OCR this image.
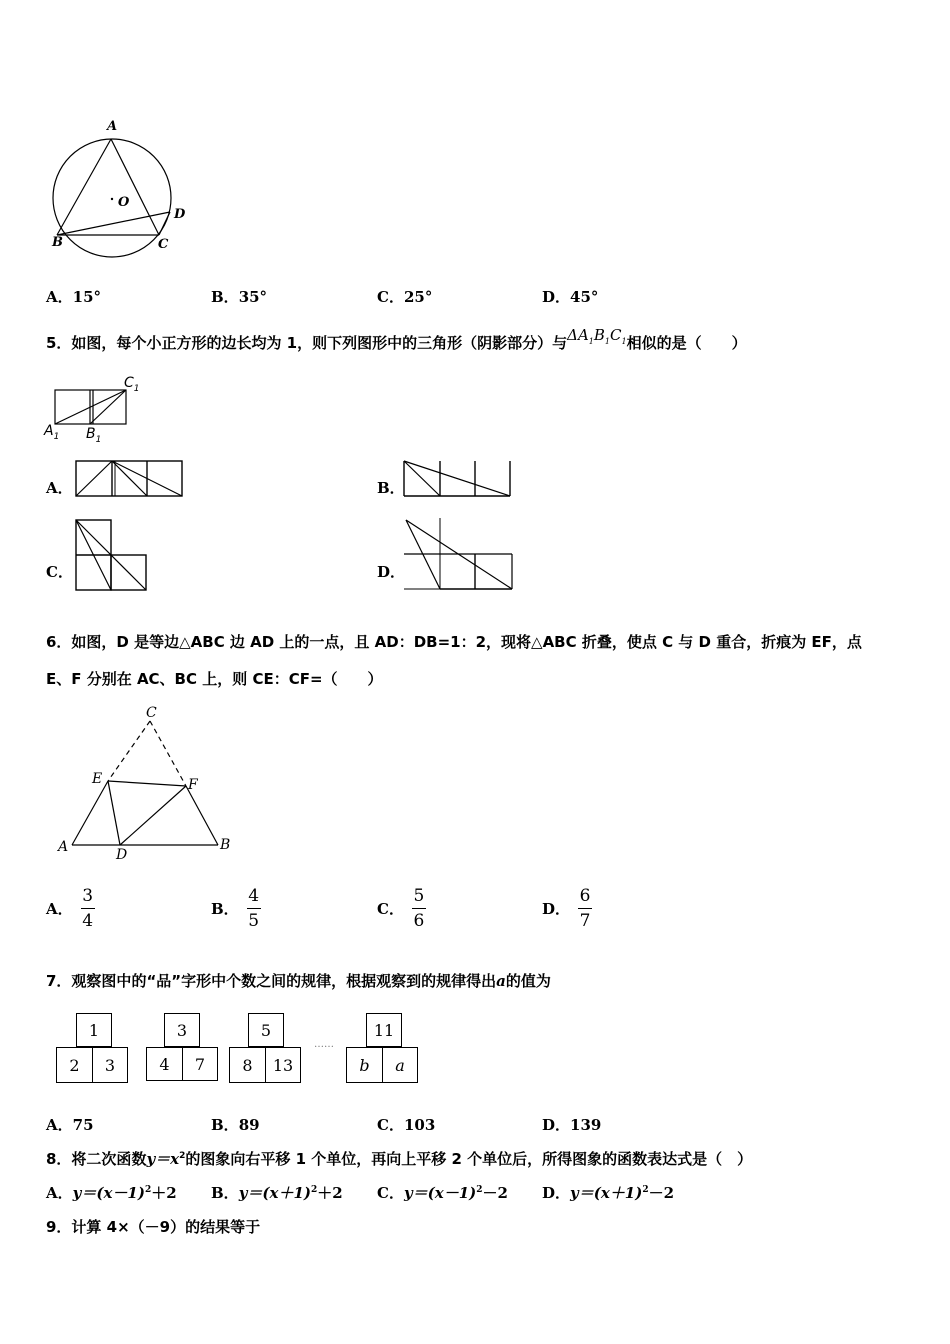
A
O
D
B	C
A．15°	B．35°	C．25°	D．45°
5．如图，每个小正方形的边长均为 1，则下列图形中的三角形（阴影部分）与$\Delta A_1B_1C_1$相似的是（　　）
$A_1$ $B_1$
$C_1$
A．	B．
C．	D．
6．如图，D 是等边△ABC 边 AD 上的一点，且 AD：DB=1：2，现将△ABC 折叠，使点 C 与 D 重合，折痕为 EF，点
E、F 分别在 AC、BC 上，则 CE：CF=（　　）
C
E	F
A	D
B
A． $\frac{3}{4}$	B． $\frac{4}{5}$	C． $\frac{5}{6}$	D． $\frac{6}{7}$
7．观察图中的“品”字形中个数之间的规律，根据观察到的规律得出a的值为
1
2	3
3
4	7
5
8	13
……
11
b	a
A．75	B．89	C．103	D．139
8．将二次函数$y=x^2$的图象向右平移 1 个单位，再向上平移 2 个单位后，所得图象的函数表达式是（　）
A．$y=(x-1)^2+2$ B．$y=(x+1)^2+2$ C．$y=(x-1)^2-2$ D．$y=(x+1)^2-2$
9．计算 4×（－9）的结果等于
